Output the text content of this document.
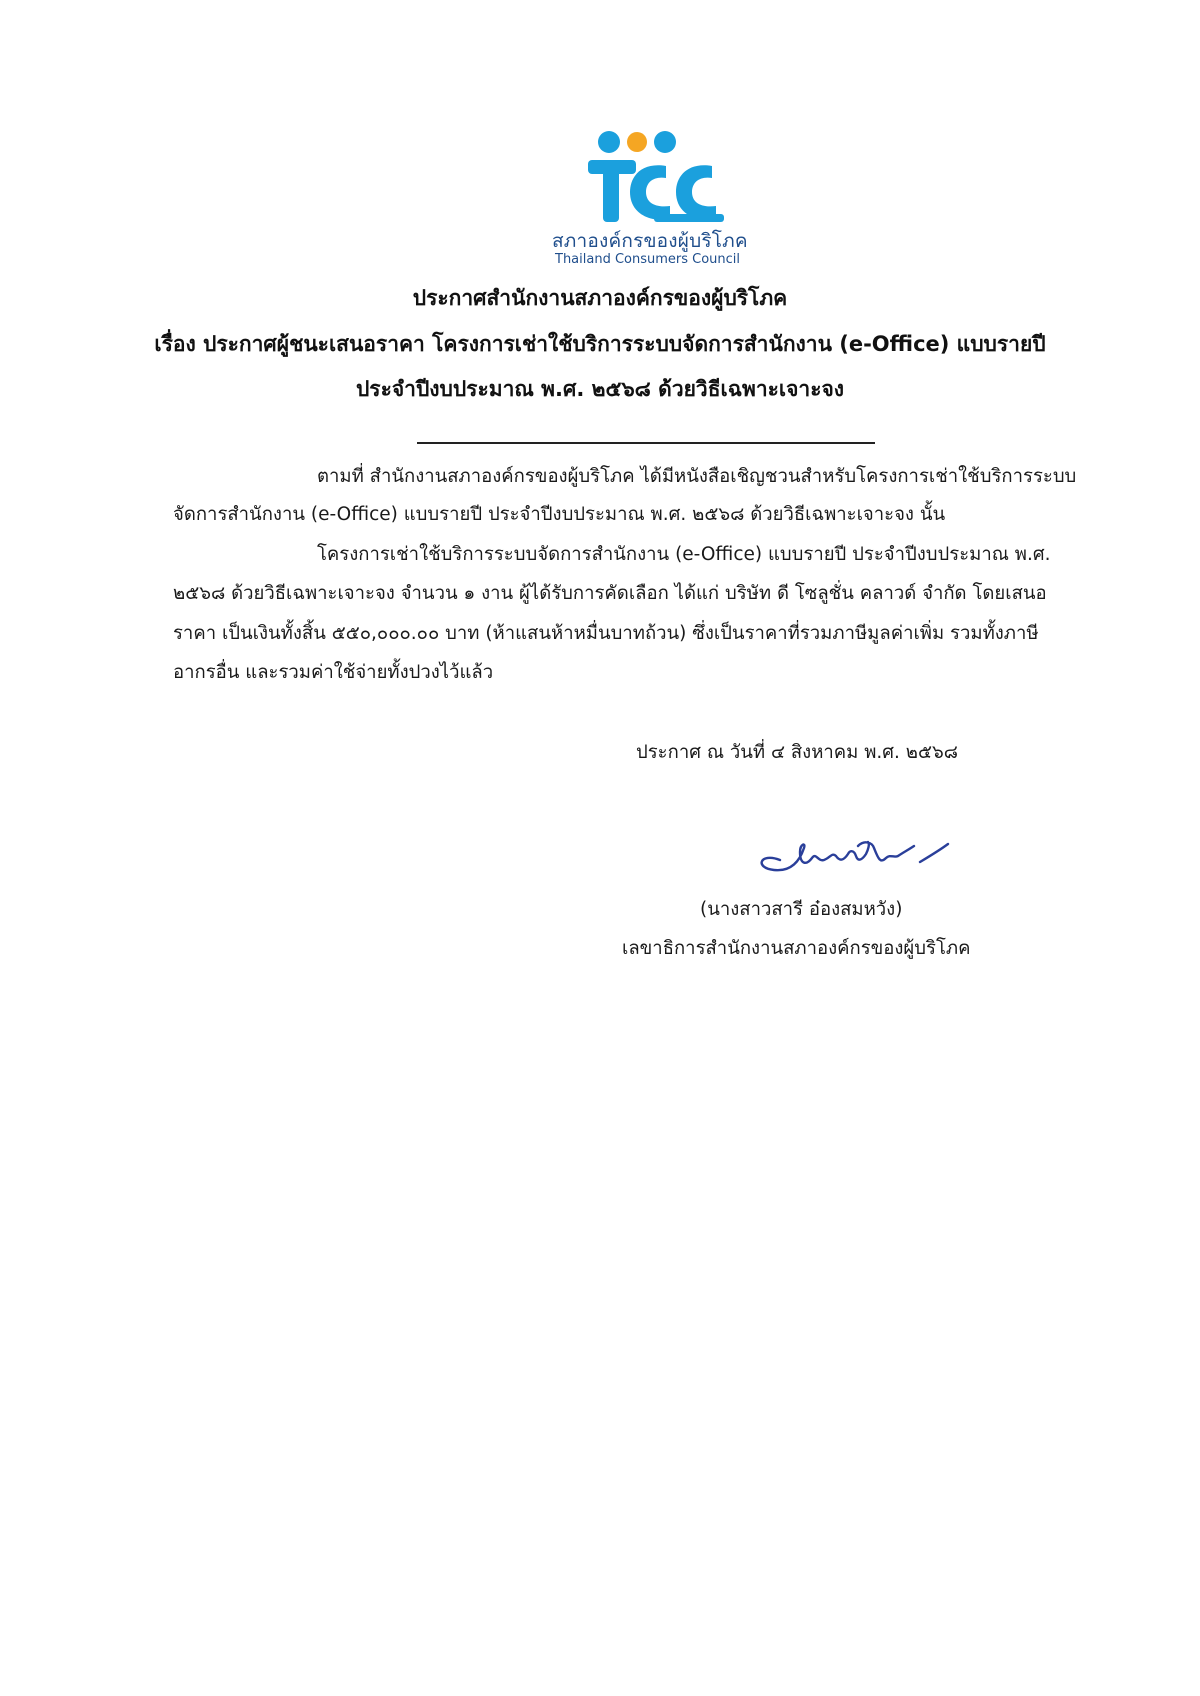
สภาองค์กรของผู้บริโภค
Thailand Consumers Council
ประกาศสำนักงานสภาองค์กรของผู้บริโภค
เรื่อง ประกาศผู้ชนะเสนอราคา โครงการเช่าใช้บริการระบบจัดการสำนักงาน (e-Office) แบบรายปี
ประจำปีงบประมาณ พ.ศ. ๒๕๖๘ ด้วยวิธีเฉพาะเจาะจง
ตามที่ สำนักงานสภาองค์กรของผู้บริโภค ได้มีหนังสือเชิญชวนสำหรับโครงการเช่าใช้บริการระบบ
จัดการสำนักงาน (e-Office) แบบรายปี ประจำปีงบประมาณ พ.ศ. ๒๕๖๘ ด้วยวิธีเฉพาะเจาะจง นั้น
โครงการเช่าใช้บริการระบบจัดการสำนักงาน (e-Office) แบบรายปี ประจำปีงบประมาณ พ.ศ.
๒๕๖๘ ด้วยวิธีเฉพาะเจาะจง จำนวน ๑ งาน ผู้ได้รับการคัดเลือก ได้แก่ บริษัท ดี โซลูชั่น คลาวด์ จำกัด โดยเสนอ
ราคา เป็นเงินทั้งสิ้น ๕๕๐,๐๐๐.๐๐ บาท (ห้าแสนห้าหมื่นบาทถ้วน) ซึ่งเป็นราคาที่รวมภาษีมูลค่าเพิ่ม รวมทั้งภาษี
อากรอื่น และรวมค่าใช้จ่ายทั้งปวงไว้แล้ว
ประกาศ ณ วันที่ ๔ สิงหาคม พ.ศ. ๒๕๖๘
(นางสาวสารี อ๋องสมหวัง)
เลขาธิการสำนักงานสภาองค์กรของผู้บริโภค
